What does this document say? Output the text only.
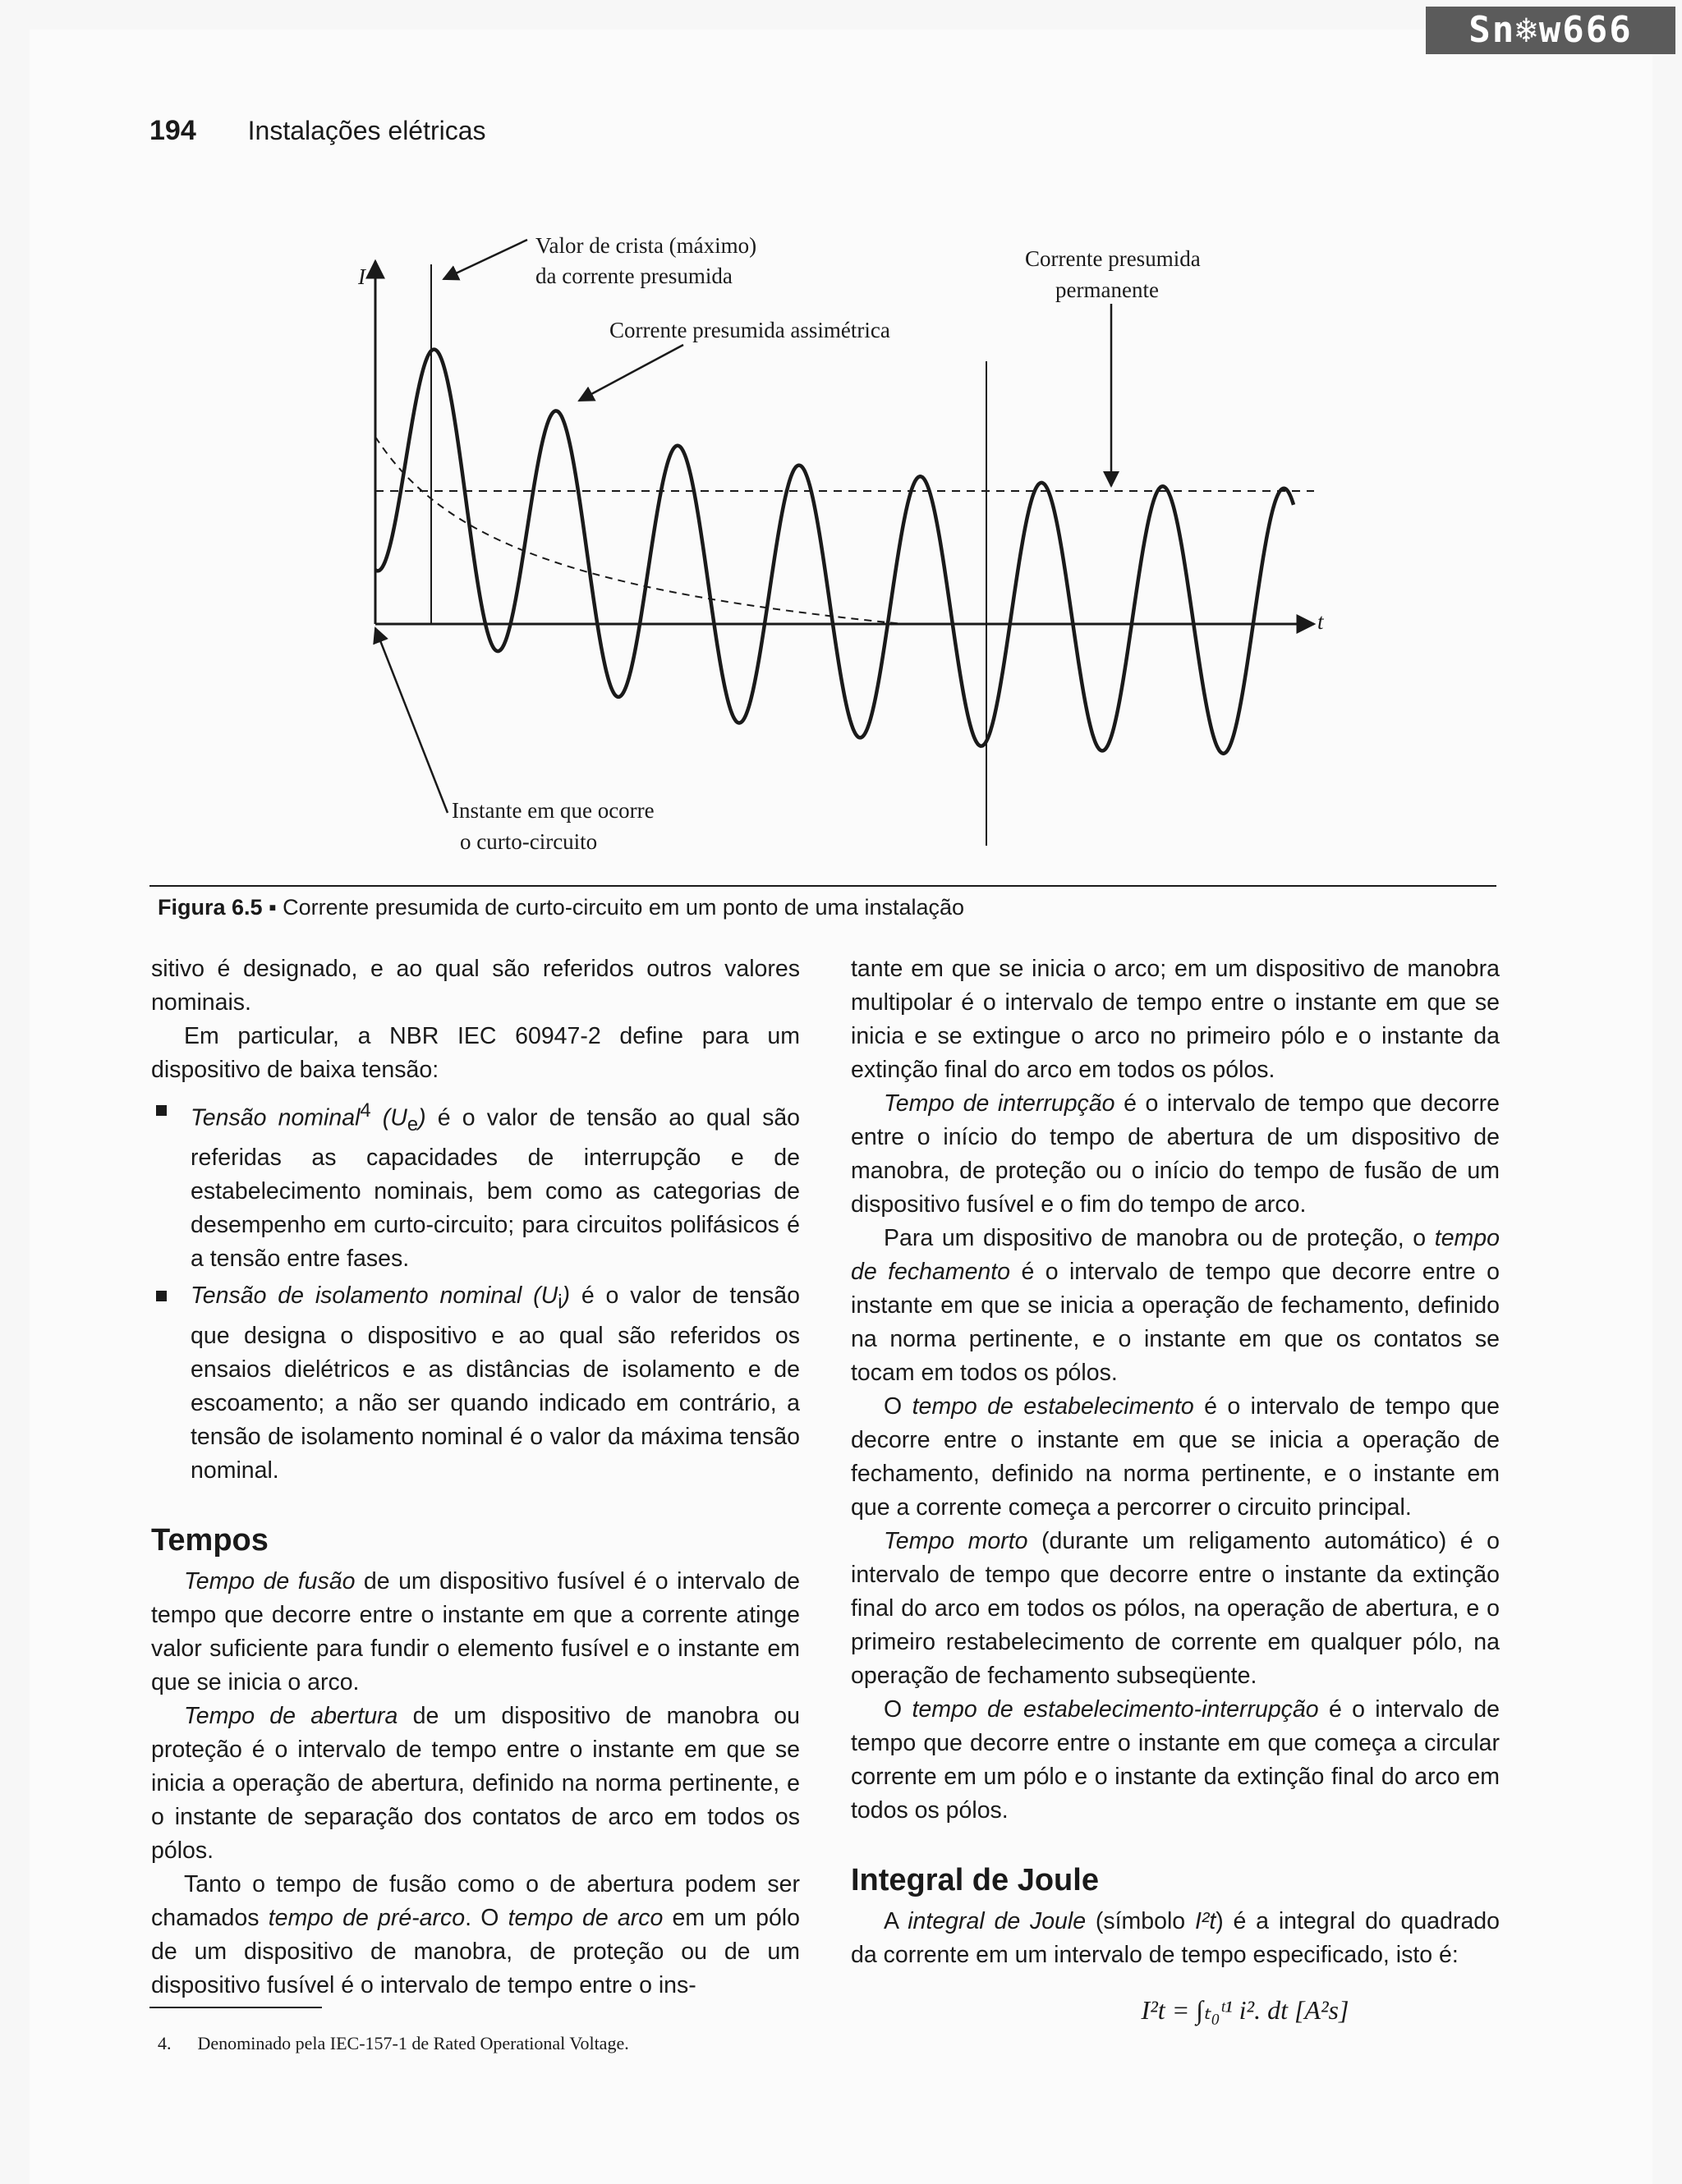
Sn❄w666
194 Instalações elétricas
I
t
Valor de crista (máximo)
da corrente presumida
Corrente presumida
permanente
Corrente presumida assimétrica
Instante em que ocorre
o curto-circuito
Figura 6.5 ▪ Corrente presumida de curto-circuito em um ponto de uma instalação

sitivo é designado, e ao qual são referidos outros valores nominais.

Em particular, a NBR IEC 60947-2 define para um dispositivo de baixa tensão:

Tensão nominal$^4$ $(U_e)$ é o valor de tensão ao qual são referidas as capacidades de interrupção e de estabelecimento nominais, bem como as categorias de desempenho em curto-circuito; para circuitos polifásicos é a tensão entre fases.
Tensão de isolamento nominal $(U_i)$ é o valor de tensão que designa o dispositivo e ao qual são referidos os ensaios dielétricos e as distâncias de isolamento e de escoamento; a não ser quando indicado em contrário, a tensão de isolamento nominal é o valor da máxima tensão nominal.
Tempos

Tempo de fusão de um dispositivo fusível é o intervalo de tempo que decorre entre o instante em que a corrente atinge valor suficiente para fundir o elemento fusível e o instante em que se inicia o arco.

Tempo de abertura de um dispositivo de manobra ou proteção é o intervalo de tempo entre o instante em que se inicia a operação de abertura, definido na norma pertinente, e o instante de separação dos contatos de arco em todos os pólos.

Tanto o tempo de fusão como o de abertura podem ser chamados tempo de pré-arco. O tempo de arco em um pólo de um dispositivo de manobra, de proteção ou de um dispositivo fusível é o intervalo de tempo entre o ins-

tante em que se inicia o arco; em um dispositivo de manobra multipolar é o intervalo de tempo entre o instante em que se inicia e se extingue o arco no primeiro pólo e o instante da extinção final do arco em todos os pólos.

Tempo de interrupção é o intervalo de tempo que decorre entre o início do tempo de abertura de um dispositivo de manobra, de proteção ou o início do tempo de fusão de um dispositivo fusível e o fim do tempo de arco.

Para um dispositivo de manobra ou de proteção, o tempo de fechamento é o intervalo de tempo que decorre entre o instante em que se inicia a operação de fechamento, definido na norma pertinente, e o instante em que os contatos se tocam em todos os pólos.

O tempo de estabelecimento é o intervalo de tempo que decorre entre o instante em que se inicia a operação de fechamento, definido na norma pertinente, e o instante em que a corrente começa a percorrer o circuito principal.

Tempo morto (durante um religamento automático) é o intervalo de tempo que decorre entre o instante da extinção final do arco em todos os pólos, na operação de abertura, e o primeiro restabelecimento de corrente em qualquer pólo, na operação de fechamento subseqüente.

O tempo de estabelecimento-interrupção é o intervalo de tempo que decorre entre o instante em que começa a circular corrente em um pólo e o instante da extinção final do arco em todos os pólos.

Integral de Joule

A integral de Joule (símbolo I²t) é a integral do quadrado da corrente em um intervalo de tempo especificado, isto é:

I²t = ∫ₜ₀ᵗ¹ i². dt [A²s]
4. Denominado pela IEC-157-1 de Rated Operational Voltage.
